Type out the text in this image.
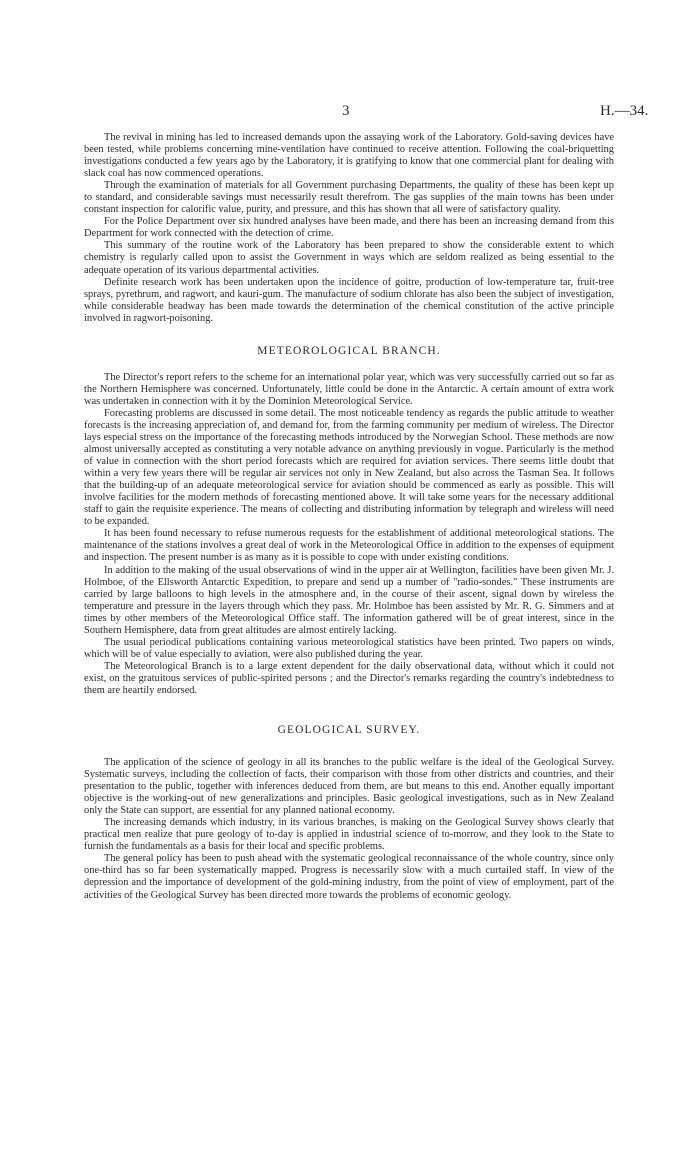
3	H.—34.

The revival in mining has led to increased demands upon the assaying work of the Laboratory. Gold-saving devices have been tested, while problems concerning mine-ventilation have continued to receive attention. Following the coal-briquetting investigations conducted a few years ago by the Laboratory, it is gratifying to know that one commercial plant for dealing with slack coal has now commenced operations.

Through the examination of materials for all Government purchasing Departments, the quality of these has been kept up to standard, and considerable savings must necessarily result therefrom. The gas supplies of the main towns has been under constant inspection for calorific value, purity, and pressure, and this has shown that all were of satisfactory quality.

For the Police Department over six hundred analyses have been made, and there has been an increasing demand from this Department for work connected with the detection of crime.

This summary of the routine work of the Laboratory has been prepared to show the considerable extent to which chemistry is regularly called upon to assist the Government in ways which are seldom realized as being essential to the adequate operation of its various departmental activities.

Definite research work has been undertaken upon the incidence of goitre, production of low-temperature tar, fruit-tree sprays, pyrethrum, and ragwort, and kauri-gum. The manufacture of sodium chlorate has also been the subject of investigation, while considerable headway has been made towards the determination of the chemical constitution of the active principle involved in ragwort-poisoning.

METEOROLOGICAL BRANCH.

The Director's report refers to the scheme for an international polar year, which was very successfully carried out so far as the Northern Hemisphere was concerned. Unfortunately, little could be done in the Antarctic. A certain amount of extra work was undertaken in connection with it by the Dominion Meteorological Service.

Forecasting problems are discussed in some detail. The most noticeable tendency as regards the public attitude to weather forecasts is the increasing appreciation of, and demand for, from the farming community per medium of wireless. The Director lays especial stress on the importance of the forecasting methods introduced by the Norwegian School. These methods are now almost universally accepted as constituting a very notable advance on anything previously in vogue. Particularly is the method of value in connection with the short period forecasts which are required for aviation services. There seems little doubt that within a very few years there will be regular air services not only in New Zealand, but also across the Tasman Sea. It follows that the building-up of an adequate meteorological service for aviation should be commenced as early as possible. This will involve facilities for the modern methods of forecasting mentioned above. It will take some years for the necessary additional staff to gain the requisite experience. The means of collecting and distributing information by telegraph and wireless will need to be expanded.

It has been found necessary to refuse numerous requests for the establishment of additional meteorological stations. The maintenance of the stations involves a great deal of work in the Meteorological Office in addition to the expenses of equipment and inspection. The present number is as many as it is possible to cope with under existing conditions.

In addition to the making of the usual observations of wind in the upper air at Wellington, facilities have been given Mr. J. Holmboe, of the Ellsworth Antarctic Expedition, to prepare and send up a number of "radio-sondes." These instruments are carried by large balloons to high levels in the atmosphere and, in the course of their ascent, signal down by wireless the temperature and pressure in the layers through which they pass. Mr. Holmboe has been assisted by Mr. R. G. Simmers and at times by other members of the Meteorological Office staff. The information gathered will be of great interest, since in the Southern Hemisphere, data from great altitudes are almost entirely lacking.

The usual periodical publications containing various meteorological statistics have been printed. Two papers on winds, which will be of value especially to aviation, were also published during the year.

The Meteorological Branch is to a large extent dependent for the daily observational data, without which it could not exist, on the gratuitous services of public-spirited persons ; and the Director's remarks regarding the country's indebtedness to them are heartily endorsed.

GEOLOGICAL SURVEY.

The application of the science of geology in all its branches to the public welfare is the ideal of the Geological Survey. Systematic surveys, including the collection of facts, their comparison with those from other districts and countries, and their presentation to the public, together with inferences deduced from them, are but means to this end. Another equally important objective is the working-out of new generalizations and principles. Basic geological investigations, such as in New Zealand only the State can support, are essential for any planned national economy.

The increasing demands which industry, in its various branches, is making on the Geological Survey shows clearly that practical men realize that pure geology of to-day is applied in industrial science of to-morrow, and they look to the State to furnish the fundamentals as a basis for their local and specific problems.

The general policy has been to push ahead with the systematic geological reconnaissance of the whole country, since only one-third has so far been systematically mapped. Progress is necessarily slow with a much curtailed staff. In view of the depression and the importance of development of the gold-mining industry, from the point of view of employment, part of the activities of the Geological Survey has been directed more towards the problems of economic geology.
